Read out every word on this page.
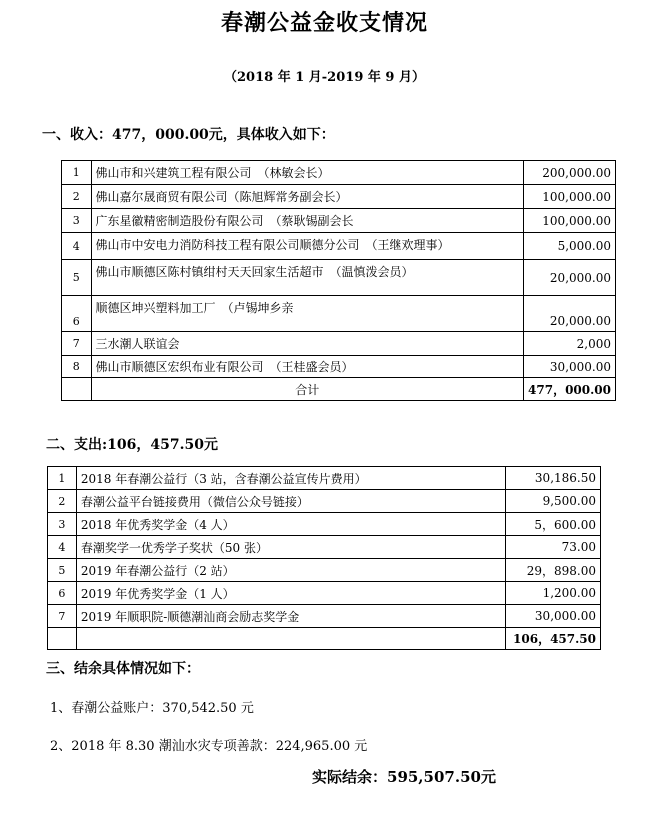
春潮公益金收支情况
（2018 年 1 月-2019 年 9 月）
一、收入：477，000.00元，具体收入如下：
1	佛山市和兴建筑工程有限公司　（林敏会长）	200,000.00
2	佛山嘉尔晟商贸有限公司（陈旭辉常务副会长）	100,000.00
3	广东星徽精密制造股份有限公司　（蔡耿锡副会长	100,000.00
4	佛山市中安电力消防科技工程有限公司顺德分公司　（王继欢理事）	5,000.00
5	佛山市顺德区陈村镇绀村天天回家生活超市　（温慎泼会员）	20,000.00
6	顺德区坤兴塑料加工厂　（卢锡坤乡亲	20,000.00
7	三水潮人联谊会	2,000
8	佛山市顺德区宏织布业有限公司　（王桂盛会员）	30,000.00
	合计	477，000.00
二、支出:106，457.50元
1	2018 年春潮公益行（3 站，含春潮公益宣传片费用）	30,186.50
2	春潮公益平台链接费用（微信公众号链接）	9,500.00
3	2018 年优秀奖学金（4 人）	5，600.00
4	春潮奖学一优秀学子奖状（50 张）	73.00
5	2019 年春潮公益行（2 站）	29，898.00
6	2019 年优秀奖学金（1 人）	1,200.00
7	2019 年顺职院-顺德潮汕商会励志奖学金	30,000.00
		106，457.50
三、结余具体情况如下：
1、春潮公益账户：370,542.50 元
2、2018 年 8.30 潮汕水灾专项善款：224,965.00 元
实际结余：595,507.50元
